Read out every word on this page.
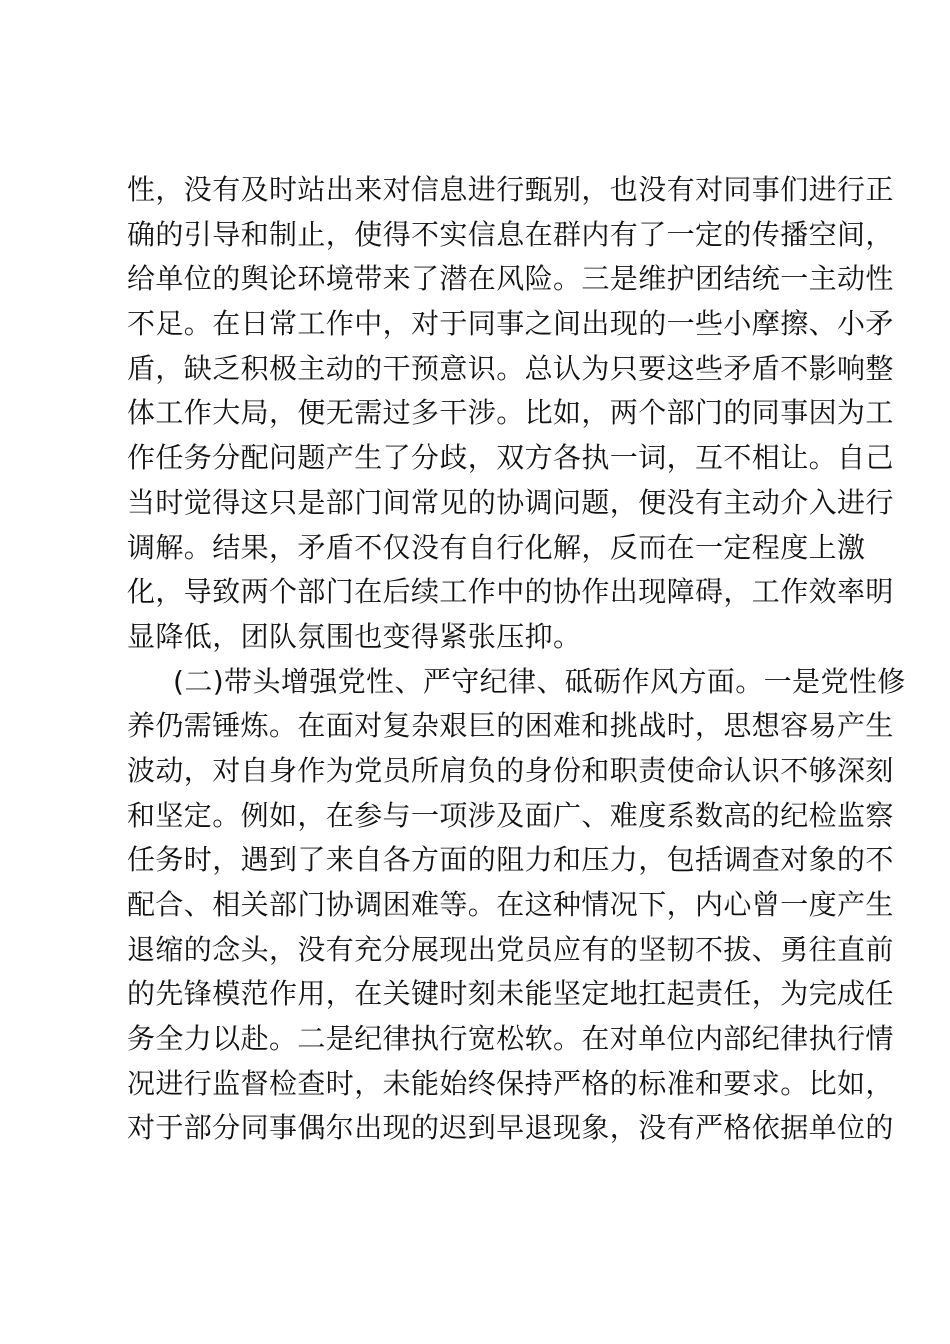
性，没有及时站出来对信息进行甄别，也没有对同事们进行正
确的引导和制止，使得不实信息在群内有了一定的传播空间，
给单位的舆论环境带来了潜在风险。三是维护团结统一主动性
不足。在日常工作中，对于同事之间出现的一些小摩擦、小矛
盾，缺乏积极主动的干预意识。总认为只要这些矛盾不影响整
体工作大局，便无需过多干涉。比如，两个部门的同事因为工
作任务分配问题产生了分歧，双方各执一词，互不相让。自己
当时觉得这只是部门间常见的协调问题，便没有主动介入进行
调解。结果，矛盾不仅没有自行化解，反而在一定程度上激
化，导致两个部门在后续工作中的协作出现障碍，工作效率明
显降低，团队氛围也变得紧张压抑。
(二)带头增强党性、严守纪律、砥砺作风方面。一是党性修
养仍需锤炼。在面对复杂艰巨的困难和挑战时，思想容易产生
波动，对自身作为党员所肩负的身份和职责使命认识不够深刻
和坚定。例如，在参与一项涉及面广、难度系数高的纪检监察
任务时，遇到了来自各方面的阻力和压力，包括调查对象的不
配合、相关部门协调困难等。在这种情况下，内心曾一度产生
退缩的念头，没有充分展现出党员应有的坚韧不拔、勇往直前
的先锋模范作用，在关键时刻未能坚定地扛起责任，为完成任
务全力以赴。二是纪律执行宽松软。在对单位内部纪律执行情
况进行监督检查时，未能始终保持严格的标准和要求。比如，
对于部分同事偶尔出现的迟到早退现象，没有严格依据单位的
